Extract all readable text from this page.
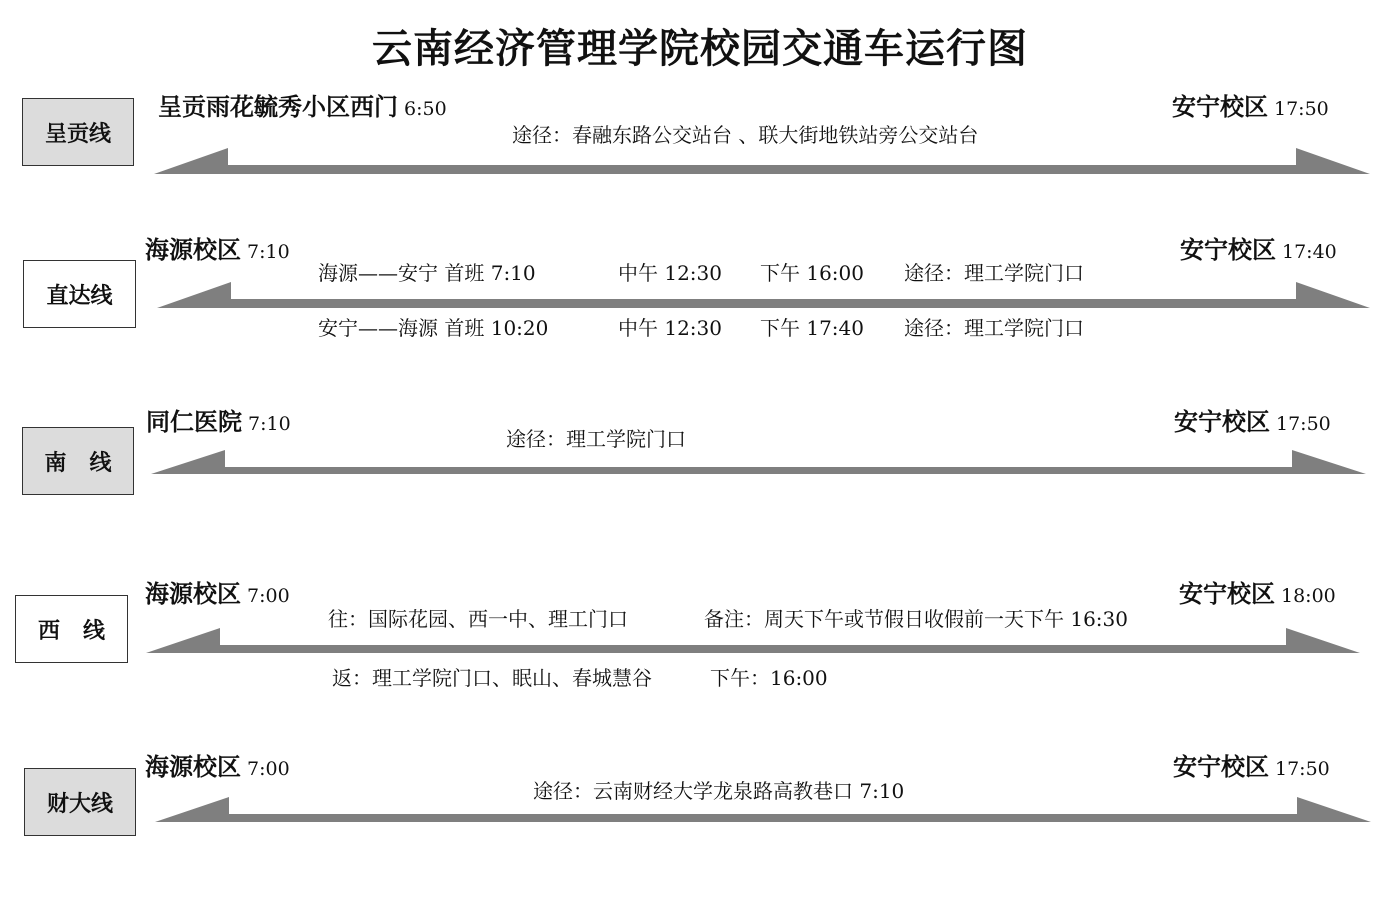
云南经济管理学院校园交通车运行图
呈贡线
呈贡雨花毓秀小区西门 6:50	安宁校区 17:50
途径：春融东路公交站台 、联大街地铁站旁公交站台
直达线
海源校区 7:10	安宁校区 17:40
海源——安宁 首班 7:10	中午 12:30 下午 16:00 途径：理工学院门口
安宁——海源 首班 10:20	中午 12:30 下午 17:40 途径：理工学院门口
南   线
同仁医院 7:10	安宁校区 17:50
途径：理工学院门口
西   线
海源校区 7:00	安宁校区 18:00
往：国际花园、西一中、理工门口	备注：周天下午或节假日收假前一天下午 16:30
返：理工学院门口、眠山、春城慧谷	下午：16:00
财大线
海源校区 7:00	安宁校区 17:50
途径：云南财经大学龙泉路高教巷口 7:10
